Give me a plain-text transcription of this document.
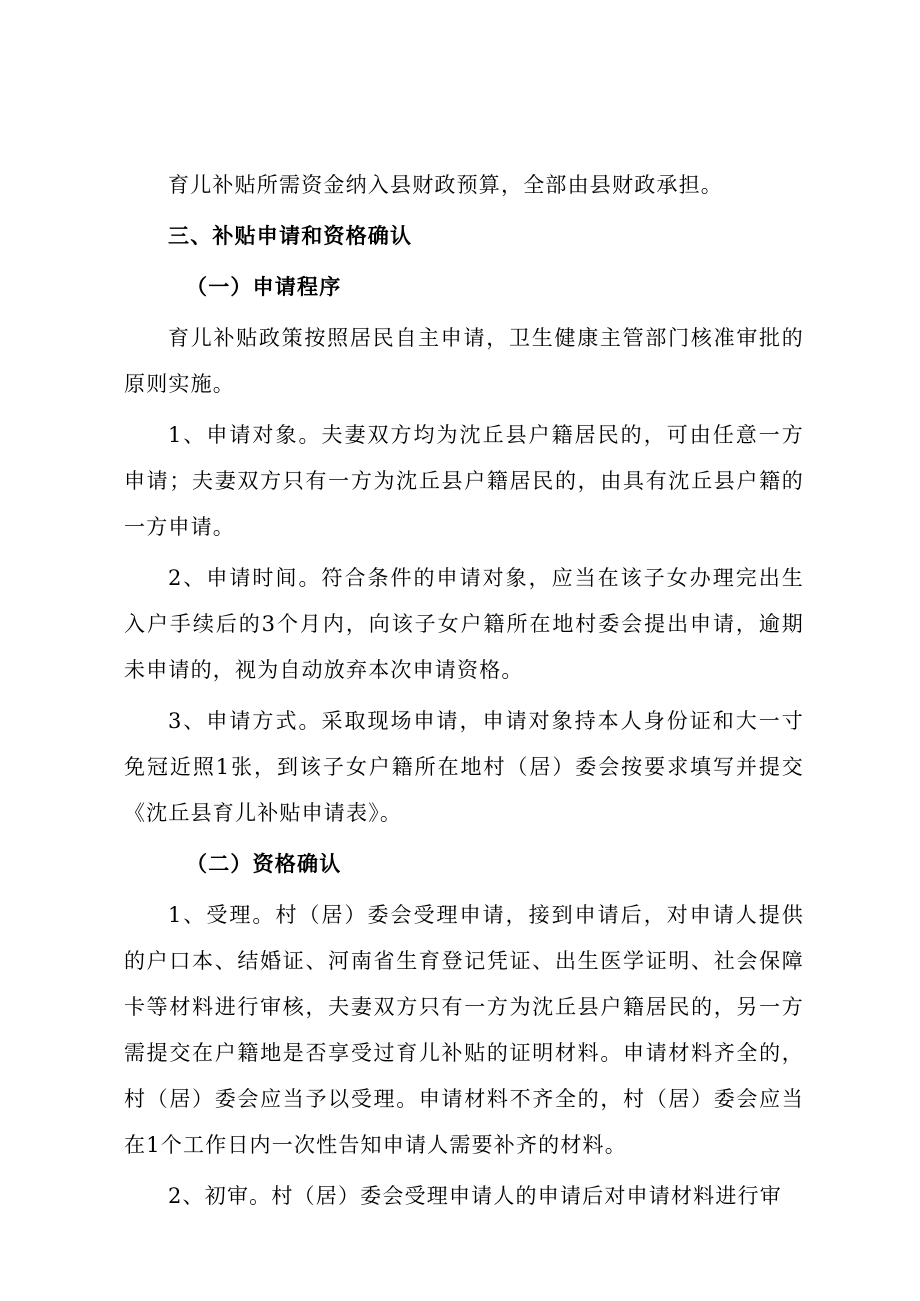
育儿补贴所需资金纳入县财政预算，全部由县财政承担。

三、补贴申请和资格确认

（一）申请程序

育儿补贴政策按照居民自主申请，卫生健康主管部门核准审批的原则实施。

1、申请对象。夫妻双方均为沈丘县户籍居民的，可由任意一方申请；夫妻双方只有一方为沈丘县户籍居民的，由具有沈丘县户籍的一方申请。

2、申请时间。符合条件的申请对象，应当在该子女办理完出生入户手续后的3个月内，向该子女户籍所在地村委会提出申请，逾期未申请的，视为自动放弃本次申请资格。

3、申请方式。采取现场申请，申请对象持本人身份证和大一寸免冠近照1张，到该子女户籍所在地村（居）委会按要求填写并提交《沈丘县育儿补贴申请表》。

（二）资格确认

1、受理。村（居）委会受理申请，接到申请后，对申请人提供的户口本、结婚证、河南省生育登记凭证、出生医学证明、社会保障卡等材料进行审核，夫妻双方只有一方为沈丘县户籍居民的，另一方需提交在户籍地是否享受过育儿补贴的证明材料。申请材料齐全的，村（居）委会应当予以受理。申请材料不齐全的，村（居）委会应当在1个工作日内一次性告知申请人需要补齐的材料。

2、初审。村（居）委会受理申请人的申请后对申请材料进行审
